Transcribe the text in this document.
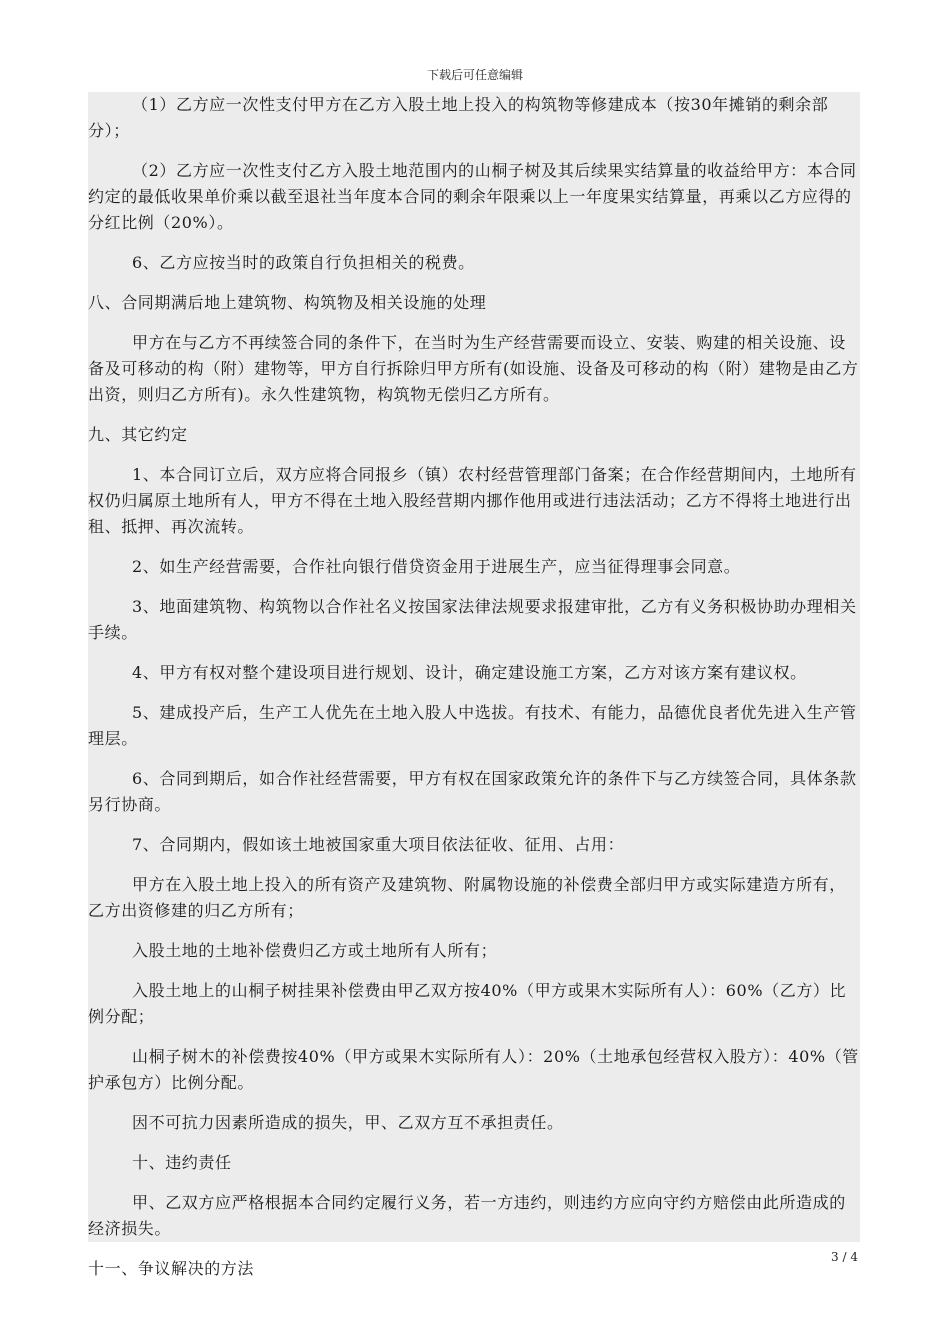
下载后可任意编辑

（1）乙方应一次性支付甲方在乙方入股土地上投入的构筑物等修建成本（按30年摊销的剩余部分）；

（2）乙方应一次性支付乙方入股土地范围内的山桐子树及其后续果实结算量的收益给甲方：本合同约定的最低收果单价乘以截至退社当年度本合同的剩余年限乘以上一年度果实结算量，再乘以乙方应得的分红比例（20%）。

6、乙方应按当时的政策自行负担相关的税费。

八、合同期满后地上建筑物、构筑物及相关设施的处理

甲方在与乙方不再续签合同的条件下，在当时为生产经营需要而设立、安装、购建的相关设施、设备及可移动的构（附）建物等，甲方自行拆除归甲方所有(如设施、设备及可移动的构（附）建物是由乙方出资，则归乙方所有)。永久性建筑物，构筑物无偿归乙方所有。

九、其它约定

1、本合同订立后，双方应将合同报乡（镇）农村经营管理部门备案；在合作经营期间内，土地所有权仍归属原土地所有人，甲方不得在土地入股经营期内挪作他用或进行违法活动；乙方不得将土地进行出租、抵押、再次流转。

2、如生产经营需要，合作社向银行借贷资金用于进展生产，应当征得理事会同意。

3、地面建筑物、构筑物以合作社名义按国家法律法规要求报建审批，乙方有义务积极协助办理相关手续。

4、甲方有权对整个建设项目进行规划、设计，确定建设施工方案，乙方对该方案有建议权。

5、建成投产后，生产工人优先在土地入股人中选拔。有技术、有能力，品德优良者优先进入生产管理层。

6、合同到期后，如合作社经营需要，甲方有权在国家政策允许的条件下与乙方续签合同，具体条款另行协商。

7、合同期内，假如该土地被国家重大项目依法征收、征用、占用：

甲方在入股土地上投入的所有资产及建筑物、附属物设施的补偿费全部归甲方或实际建造方所有，乙方出资修建的归乙方所有；

入股土地的土地补偿费归乙方或土地所有人所有；

入股土地上的山桐子树挂果补偿费由甲乙双方按40%（甲方或果木实际所有人）：60%（乙方）比例分配；

山桐子树木的补偿费按40%（甲方或果木实际所有人）：20%（土地承包经营权入股方）：40%（管护承包方）比例分配。

因不可抗力因素所造成的损失，甲、乙双方互不承担责任。

十、违约责任

甲、乙双方应严格根据本合同约定履行义务，若一方违约，则违约方应向守约方赔偿由此所造成的经济损失。

十一、争议解决的方法

3 / 4
